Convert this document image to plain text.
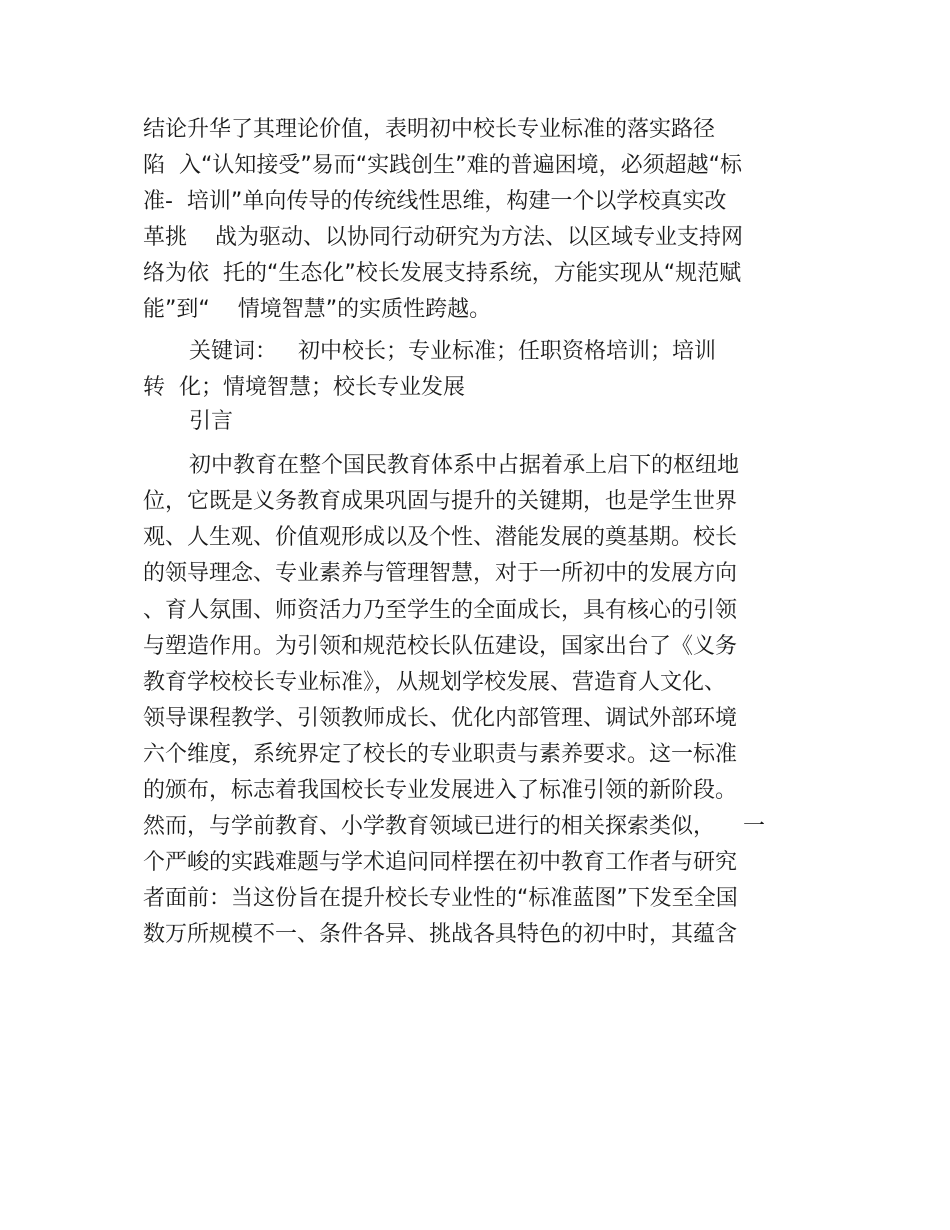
结论升华了其理论价值，表明初中校长专业标准的落实路径

陷  入“认知接受”易而“实践创生”难的普遍困境，必须超越“标

准-  培训”单向传导的传统线性思维，构建一个以学校真实改

革挑    战为驱动、以协同行动研究为方法、以区域专业支持网

络为依  托的“生态化”校长发展支持系统，方能实现从“规范赋

能”到“    情境智慧”的实质性跨越。

关键词：   初中校长；专业标准；任职资格培训；培训

转  化；情境智慧；校长专业发展

引言

初中教育在整个国民教育体系中占据着承上启下的枢纽地

位，它既是义务教育成果巩固与提升的关键期，也是学生世界

观、人生观、价值观形成以及个性、潜能发展的奠基期。校长

的领导理念、专业素养与管理智慧，对于一所初中的发展方向

、育人氛围、师资活力乃至学生的全面成长，具有核心的引领

与塑造作用。为引领和规范校长队伍建设，国家出台了《义务

教育学校校长专业标准》，从规划学校发展、营造育人文化、

领导课程教学、引领教师成长、优化内部管理、调试外部环境

六个维度，系统界定了校长的专业职责与素养要求。这一标准

的颁布，标志着我国校长专业发展进入了标准引领的新阶段。

然而，与学前教育、小学教育领域已进行的相关探索类似，    一

个严峻的实践难题与学术追问同样摆在初中教育工作者与研究

者面前：当这份旨在提升校长专业性的“标准蓝图”下发至全国

数万所规模不一、条件各异、挑战各具特色的初中时，其蕴含
